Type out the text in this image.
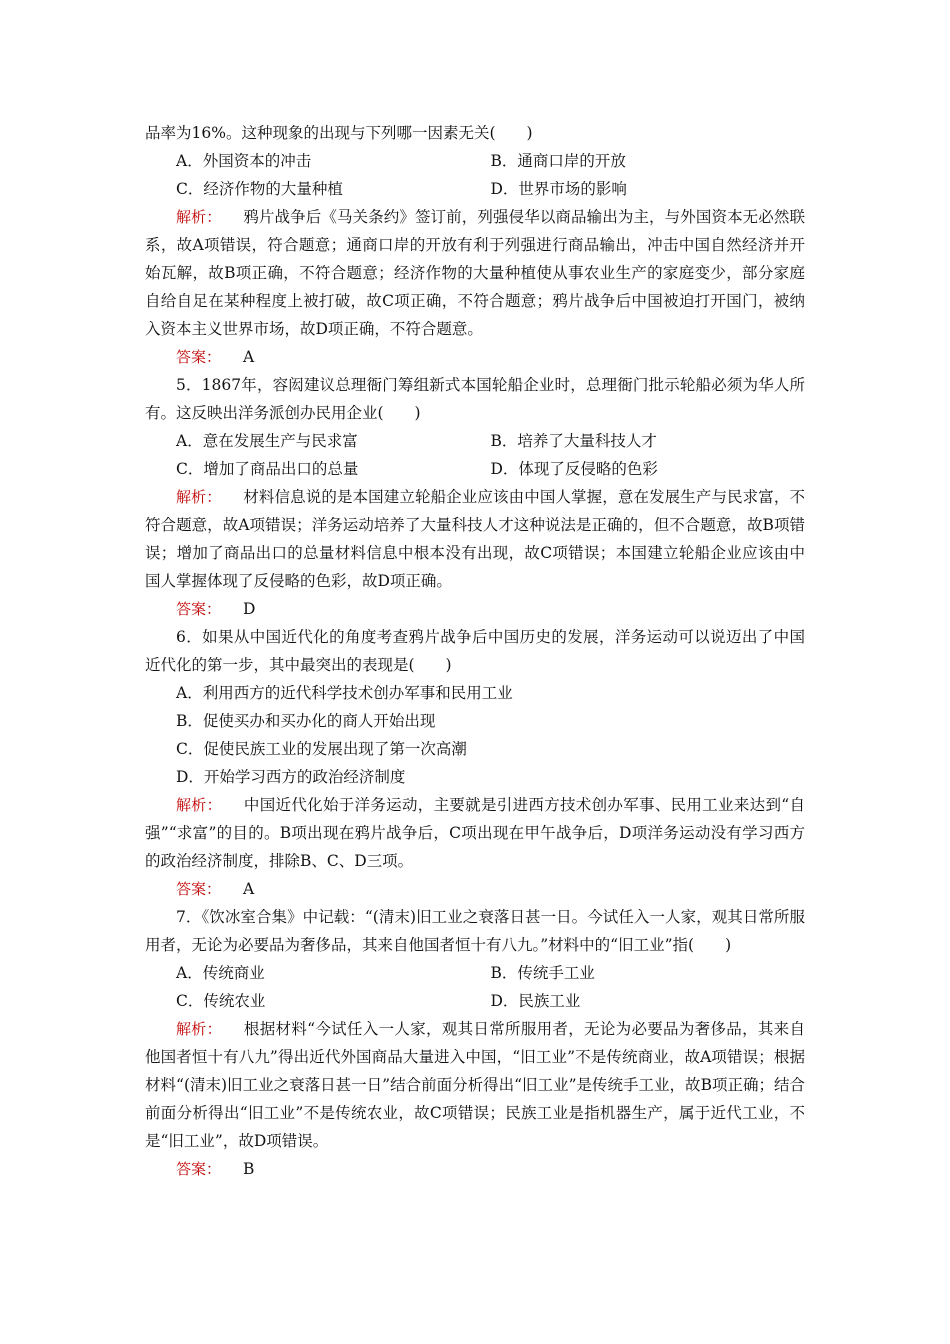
品率为16%。这种现象的出现与下列哪一因素无关(　　)

A．外国资本的冲击	B．通商口岸的开放
C．经济作物的大量种植	D．世界市场的影响

解析： 鸦片战争后《马关条约》签订前，列强侵华以商品输出为主，与外国资本无必然联系，故A项错误，符合题意；通商口岸的开放有利于列强进行商品输出，冲击中国自然经济并开始瓦解，故B项正确，不符合题意；经济作物的大量种植使从事农业生产的家庭变少，部分家庭自给自足在某种程度上被打破，故C项正确，不符合题意；鸦片战争后中国被迫打开国门，被纳入资本主义世界市场，故D项正确，不符合题意。

答案： A

5．1867年，容闳建议总理衙门筹组新式本国轮船企业时，总理衙门批示轮船必须为华人所有。这反映出洋务派创办民用企业(　　)

A．意在发展生产与民求富	B．培养了大量科技人才
C．增加了商品出口的总量	D．体现了反侵略的色彩

解析： 材料信息说的是本国建立轮船企业应该由中国人掌握，意在发展生产与民求富，不符合题意，故A项错误；洋务运动培养了大量科技人才这种说法是正确的，但不合题意，故B项错误；增加了商品出口的总量材料信息中根本没有出现，故C项错误；本国建立轮船企业应该由中国人掌握体现了反侵略的色彩，故D项正确。

答案： D

6．如果从中国近代化的角度考查鸦片战争后中国历史的发展，洋务运动可以说迈出了中国近代化的第一步，其中最突出的表现是(　　)

A．利用西方的近代科学技术创办军事和民用工业

B．促使买办和买办化的商人开始出现

C．促使民族工业的发展出现了第一次高潮

D．开始学习西方的政治经济制度

解析： 中国近代化始于洋务运动，主要就是引进西方技术创办军事、民用工业来达到“自强”“求富”的目的。B项出现在鸦片战争后，C项出现在甲午战争后，D项洋务运动没有学习西方的政治经济制度，排除B、C、D三项。

答案： A

7．《饮冰室合集》中记载：“(清末)旧工业之衰落日甚一日。今试任入一人家，观其日常所服用者，无论为必要品为奢侈品，其来自他国者恒十有八九。”材料中的“旧工业”指(　　)

A．传统商业	B．传统手工业
C．传统农业	D．民族工业

解析： 根据材料“今试任入一人家，观其日常所服用者，无论为必要品为奢侈品，其来自他国者恒十有八九”得出近代外国商品大量进入中国，“旧工业”不是传统商业，故A项错误；根据材料“(清末)旧工业之衰落日甚一日”结合前面分析得出“旧工业”是传统手工业，故B项正确；结合前面分析得出“旧工业”不是传统农业，故C项错误；民族工业是指机器生产，属于近代工业，不是“旧工业”，故D项错误。

答案： B
